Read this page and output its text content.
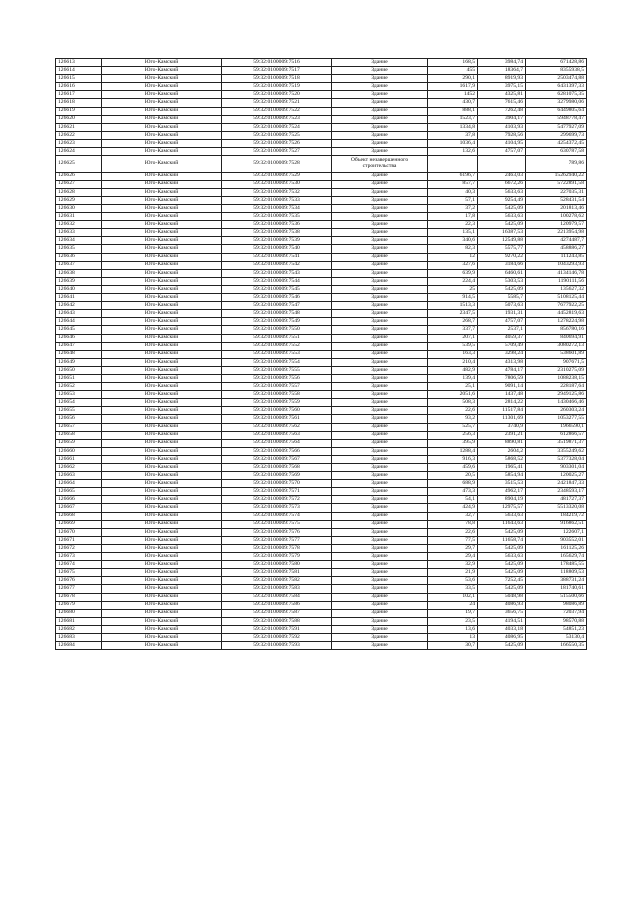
126613	Юго-Камский	59:32:0100009:7516	Здание	168,5	3984,74	671428,86
126614	Юго-Камский	59:32:0100009:7517	Здание	455	18364,7	8355938,5
126615	Юго-Камский	59:32:0100009:7518	Здание	290,1	8919,93	2503474,88
126616	Юго-Камский	59:32:0100009:7519	Здание	1617,9	3975,15	6431397,33
126617	Юго-Камский	59:32:0100009:7520	Здание	1452	4325,81	6281075,35
126618	Юго-Камский	59:32:0100009:7521	Здание	430,7	7615,46	3279980,06
126619	Юго-Камский	59:32:0100009:7522	Здание	888,1	7262,48	6449805,64
126620	Юго-Камский	59:32:0100009:7523	Здание	1523,7	3904,17	5948778,47
126621	Юго-Камский	59:32:0100009:7524	Здание	1334,8	4103,93	5477927,09
126622	Юго-Камский	59:32:0100009:7525	Здание	37,8	7928,56	299699,73
126623	Юго-Камский	59:32:0100009:7526	Здание	1036,4	4104,95	4254372,45
126624	Юго-Камский	59:32:0100009:7527	Здание	132,6	4757,07	630787,58
126625	Юго-Камский	59:32:0100009:7528	Объект незавершенного строительства			789,86
126626	Юго-Камский	59:32:0100009:7529	Здание	6196,7	2463,03	15262940,22
126627	Юго-Камский	59:32:0100009:7530	Здание	857,7	6672,26	5722891,58
126628	Юго-Камский	59:32:0100009:7532	Здание	40,3	5633,63	227035,31
126629	Юго-Камский	59:32:0100009:7533	Здание	57,1	9254,49	528431,54
126630	Юго-Камский	59:32:0100009:7534	Здание	37,2	5425,09	201813,46
126631	Юго-Камский	59:32:0100009:7535	Здание	17,8	5633,63	100278,62
126632	Юго-Камский	59:32:0100009:7536	Здание	22,3	5425,09	120979,57
126633	Юго-Камский	59:32:0100009:7538	Здание	135,1	16387,53	2213954,98
126634	Юго-Камский	59:32:0100009:7539	Здание	340,6	12549,88	4274487,7
126635	Юго-Камский	59:32:0100009:7540	Здание	82,3	5575,77	458886,27
126636	Юго-Камский	59:32:0100009:7541	Здание	12	9270,22	111243,85
126637	Юго-Камский	59:32:0100009:7542	Здание	327,6	3184,66	1043293,93
126638	Юго-Камский	59:32:0100009:7543	Здание	639,9	6460,61	4134146,78
126639	Юго-Камский	59:32:0100009:7544	Здание	224,4	5303,53	1190111,56
126640	Юго-Камский	59:32:0100009:7545	Здание	25	5425,09	135627,32
126641	Юго-Камский	59:32:0100009:7546	Здание	914,5	5585,7	5108125,44
126642	Юго-Камский	59:32:0100009:7547	Здание	1513,3	5073,63	7677922,25
126643	Юго-Камский	59:32:0100009:7548	Здание	2347,5	1931,31	4452819,63
126644	Юго-Камский	59:32:0100009:7549	Здание	268,7	4757,07	1278224,98
126645	Юго-Камский	59:32:0100009:7550	Здание	337,7	2537,1	856780,16
126646	Юго-Камский	59:32:0100009:7551	Здание	207,1	4059,37	840694,91
126647	Юго-Камский	59:32:0100009:7552	Здание	539,5	5709,49	3080272,13
126648	Юго-Камский	59:32:0100009:7553	Здание	163,3	3298,24	538601,89
126649	Юго-Камский	59:32:0100009:7554	Здание	210,4	4313,98	907671,5
126650	Юго-Камский	59:32:0100009:7555	Здание	482,9	4784,17	2310275,09
126651	Юго-Камский	59:32:0100009:7556	Здание	139,4	7806,59	1088238,15
126652	Юго-Камский	59:32:0100009:7557	Здание	25,1	9091,14	228187,64
126653	Юго-Камский	59:32:0100009:7558	Здание	2051,6	1437,48	2949125,86
126654	Юго-Камский	59:32:0100009:7559	Здание	508,3	2814,22	1430466,46
126655	Юго-Камский	59:32:0100009:7560	Здание	22,6	11517,84	260303,24
126656	Юго-Камский	59:32:0100009:7561	Здание	93,2	11301,69	1053277,55
126657	Юго-Камский	59:32:0100009:7562	Здание	525,7	3740,9	1966590,1
126658	Юго-Камский	59:32:0100009:7563	Здание	256,3	2391,21	612866,57
126659	Юго-Камский	59:32:0100009:7564	Здание	395,9	8890,81	3519871,37
126660	Юго-Камский	59:32:0100009:7566	Здание	1288,4	2604,2	3355249,62
126661	Юго-Камский	59:32:0100009:7567	Здание	916,3	5868,52	5377328,04
126662	Юго-Камский	59:32:0100009:7568	Здание	459,6	1965,41	903301,04
126663	Юго-Камский	59:32:0100009:7569	Здание	20,5	5854,94	120025,27
126664	Юго-Камский	59:32:0100009:7570	Здание	688,9	3515,53	2421847,33
126665	Юго-Камский	59:32:0100009:7571	Здание	473,3	4962,17	2348593,17
126666	Юго-Камский	59:32:0100009:7572	Здание	54,1	8904,19	481727,37
126667	Юго-Камский	59:32:0100009:7573	Здание	424,9	12975,57	5513320,08
126668	Юго-Камский	59:32:0100009:7574	Здание	32,7	5633,63	184219,72
126669	Юго-Камский	59:32:0100009:7575	Здание	78,8	11643,63	916862,51
126670	Юго-Камский	59:32:0100009:7576	Здание	22,6	5425,09	122607,1
126671	Юго-Камский	59:32:0100009:7577	Здание	77,5	11658,74	903552,01
126672	Юго-Камский	59:32:0100009:7578	Здание	29,7	5425,09	161125,26
126673	Юго-Камский	59:32:0100009:7579	Здание	29,4	5633,63	165629,74
126674	Юго-Камский	59:32:0100009:7580	Здание	32,9	5425,09	178485,55
126675	Юго-Камский	59:32:0100009:7581	Здание	21,9	5425,09	118809,53
126676	Юго-Камский	59:32:0100009:7582	Здание	53,6	7252,45	388731,24
126677	Юго-Камский	59:32:0100009:7583	Здание	33,5	5425,09	181740,61
126678	Юго-Камский	59:32:0100009:7584	Здание	102,1	5048,98	515500,66
126679	Юго-Камский	59:32:0100009:7586	Здание	24	4086,93	98086,89
126680	Юго-Камский	59:32:0100009:7587	Здание	19,7	3656,75	72037,94
126681	Юго-Камский	59:32:0100009:7588	Здание	23,5	4194,51	98570,88
126682	Юго-Камский	59:32:0100009:7591	Здание	13,6	4033,18	54851,23
126683	Юго-Камский	59:32:0100009:7592	Здание	13	4086,95	53130,4
126684	Юго-Камский	59:32:0100009:7593	Здание	30,7	5425,09	166550,35
